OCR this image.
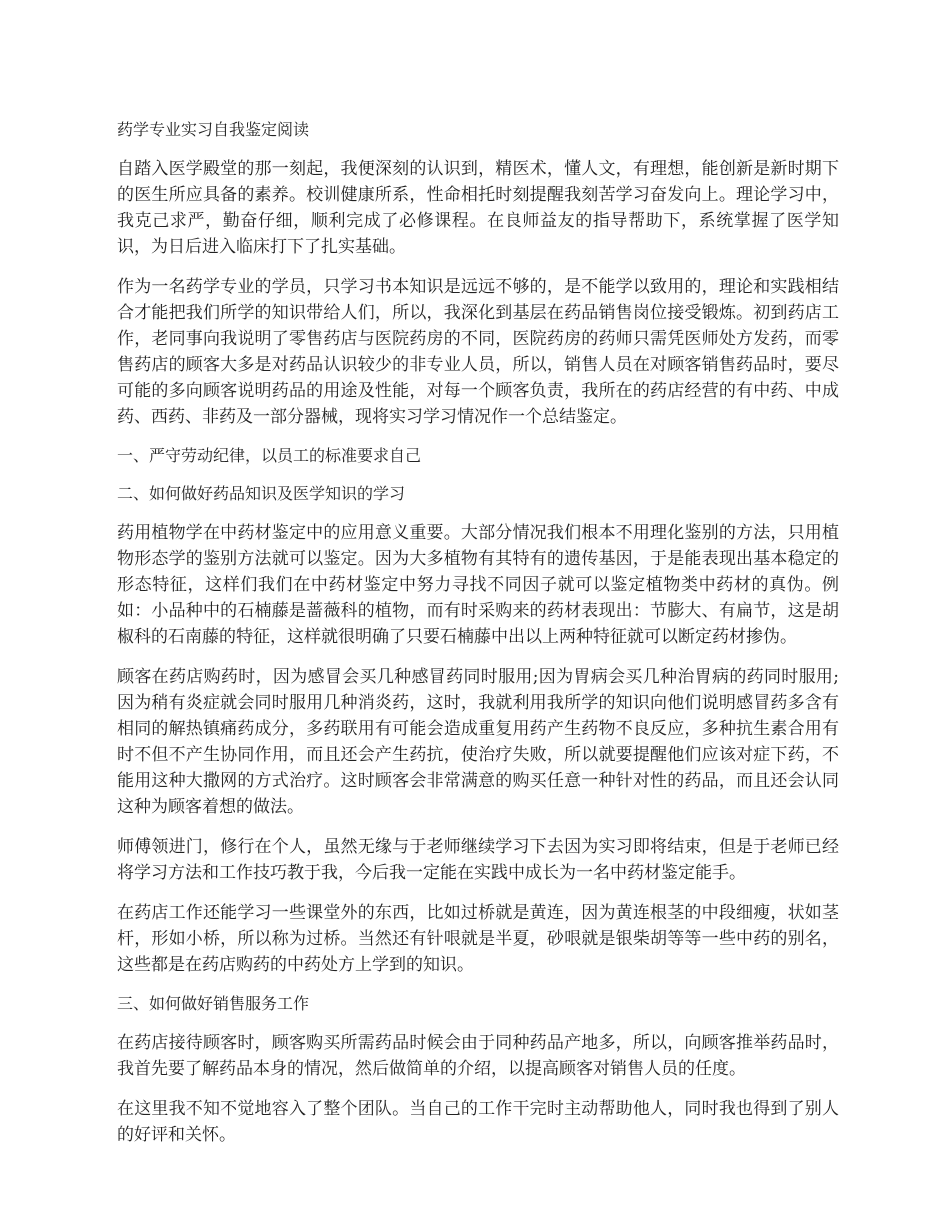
药学专业实习自我鉴定阅读

自踏入医学殿堂的那一刻起，我便深刻的认识到，精医术，懂人文，有理想，能创新是新时期下的医生所应具备的素养。校训健康所系，性命相托时刻提醒我刻苦学习奋发向上。理论学习中，我克己求严，勤奋仔细，顺利完成了必修课程。在良师益友的指导帮助下，系统掌握了医学知识，为日后进入临床打下了扎实基础。

作为一名药学专业的学员，只学习书本知识是远远不够的，是不能学以致用的，理论和实践相结合才能把我们所学的知识带给人们，所以，我深化到基层在药品销售岗位接受锻炼。初到药店工作，老同事向我说明了零售药店与医院药房的不同，医院药房的药师只需凭医师处方发药，而零售药店的顾客大多是对药品认识较少的非专业人员，所以，销售人员在对顾客销售药品时，要尽可能的多向顾客说明药品的用途及性能，对每一个顾客负责，我所在的药店经营的有中药、中成药、西药、非药及一部分器械，现将实习学习情况作一个总结鉴定。

一、严守劳动纪律，以员工的标准要求自己
二、如何做好药品知识及医学知识的学习

药用植物学在中药材鉴定中的应用意义重要。大部分情况我们根本不用理化鉴别的方法，只用植物形态学的鉴别方法就可以鉴定。因为大多植物有其特有的遗传基因，于是能表现出基本稳定的形态特征，这样们我们在中药材鉴定中努力寻找不同因子就可以鉴定植物类中药材的真伪。例如：小品种中的石楠藤是蔷薇科的植物，而有时采购来的药材表现出：节膨大、有扁节，这是胡椒科的石南藤的特征，这样就很明确了只要石楠藤中出以上两种特征就可以断定药材掺伪。

顾客在药店购药时，因为感冒会买几种感冒药同时服用;因为胃病会买几种治胃病的药同时服用;因为稍有炎症就会同时服用几种消炎药，这时，我就利用我所学的知识向他们说明感冒药多含有相同的解热镇痛药成分，多药联用有可能会造成重复用药产生药物不良反应，多种抗生素合用有时不但不产生协同作用，而且还会产生药抗，使治疗失败，所以就要提醒他们应该对症下药，不能用这种大撒网的方式治疗。这时顾客会非常满意的购买任意一种针对性的药品，而且还会认同这种为顾客着想的做法。

师傅领进门，修行在个人，虽然无缘与于老师继续学习下去因为实习即将结束，但是于老师已经将学习方法和工作技巧教于我，今后我一定能在实践中成长为一名中药材鉴定能手。

在药店工作还能学习一些课堂外的东西，比如过桥就是黄连，因为黄连根茎的中段细瘦，状如茎杆，形如小桥，所以称为过桥。当然还有针哏就是半夏，砂哏就是银柴胡等等一些中药的别名，这些都是在药店购药的中药处方上学到的知识。

三、如何做好销售服务工作

在药店接待顾客时，顾客购买所需药品时候会由于同种药品产地多，所以，向顾客推举药品时，我首先要了解药品本身的情况，然后做简单的介绍，以提高顾客对销售人员的任度。

在这里我不知不觉地容入了整个团队。当自己的工作干完时主动帮助他人，同时我也得到了别人的好评和关怀。
